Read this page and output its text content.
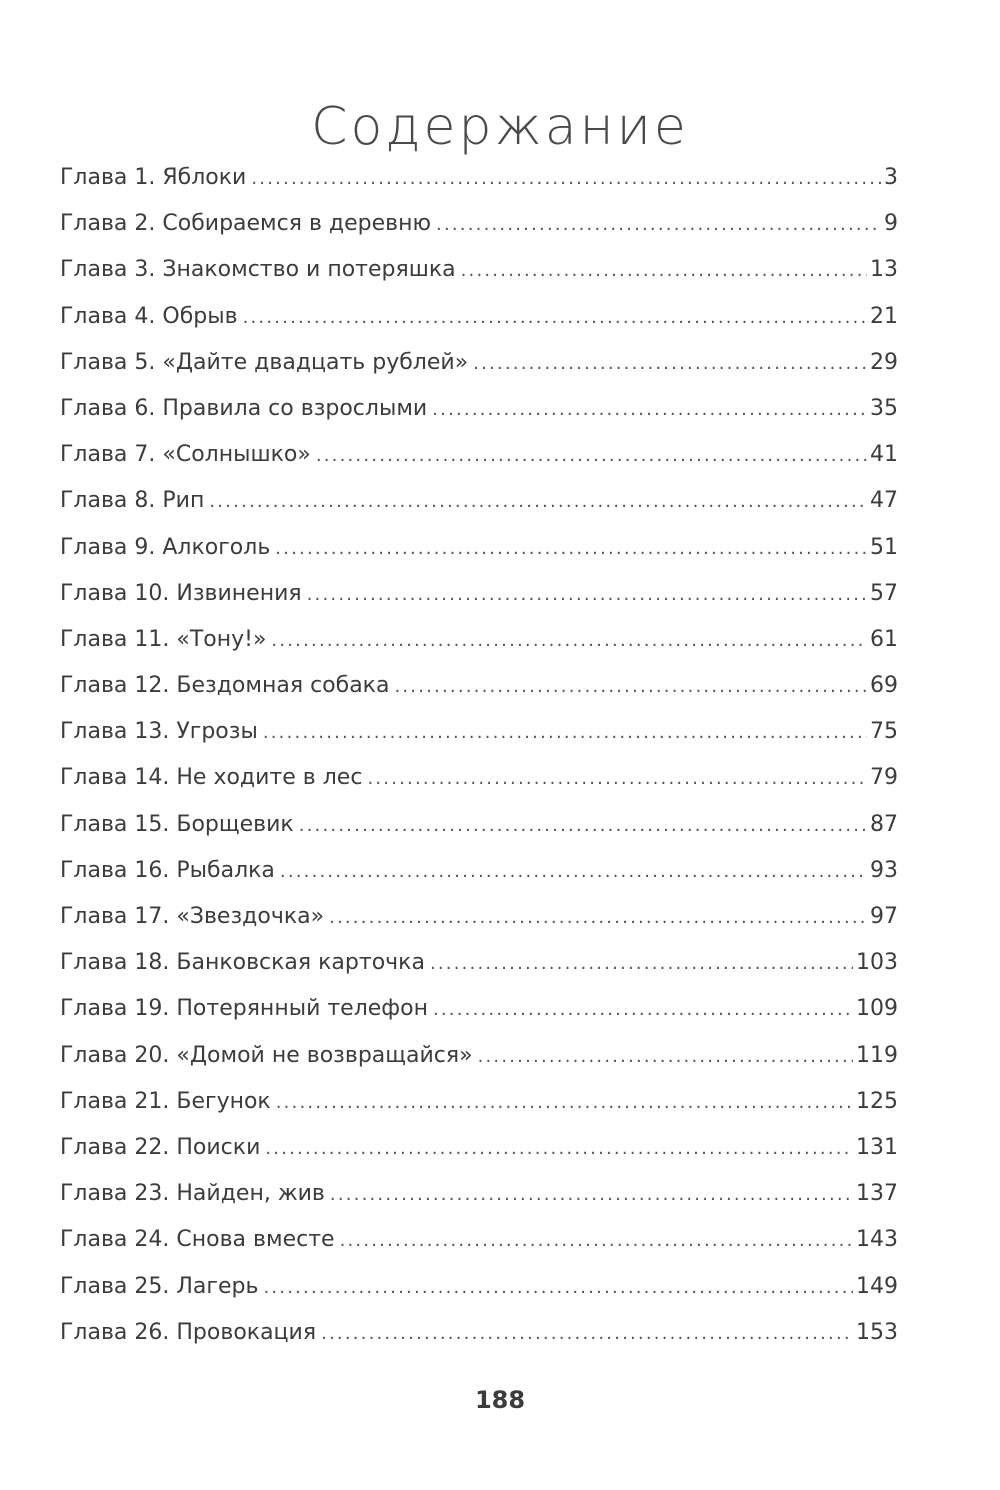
Содержание
Глава 1. Яблоки .....	3
Глава 2. Собираемся в деревню .....	9
Глава 3. Знакомство и потеряшка .....	13
Глава 4. Обрыв .....	21
Глава 5. «Дайте двадцать рублей» .....	29
Глава 6. Правила со взрослыми .....	35
Глава 7. «Солнышко» .....	41
Глава 8. Рип .....	47
Глава 9. Алкоголь .....	51
Глава 10. Извинения .....	57
Глава 11. «Тону!» .....	61
Глава 12. Бездомная собака .....	69
Глава 13. Угрозы .....	75
Глава 14. Не ходите в лес .....	79
Глава 15. Борщевик .....	87
Глава 16. Рыбалка .....	93
Глава 17. «Звездочка» .....	97
Глава 18. Банковская карточка .....	103
Глава 19. Потерянный телефон .....	109
Глава 20. «Домой не возвращайся» .....	119
Глава 21. Бегунок .....	125
Глава 22. Поиски .....	131
Глава 23. Найден, жив .....	137
Глава 24. Снова вместе .....	143
Глава 25. Лагерь .....	149
Глава 26. Провокация .....	153
188
